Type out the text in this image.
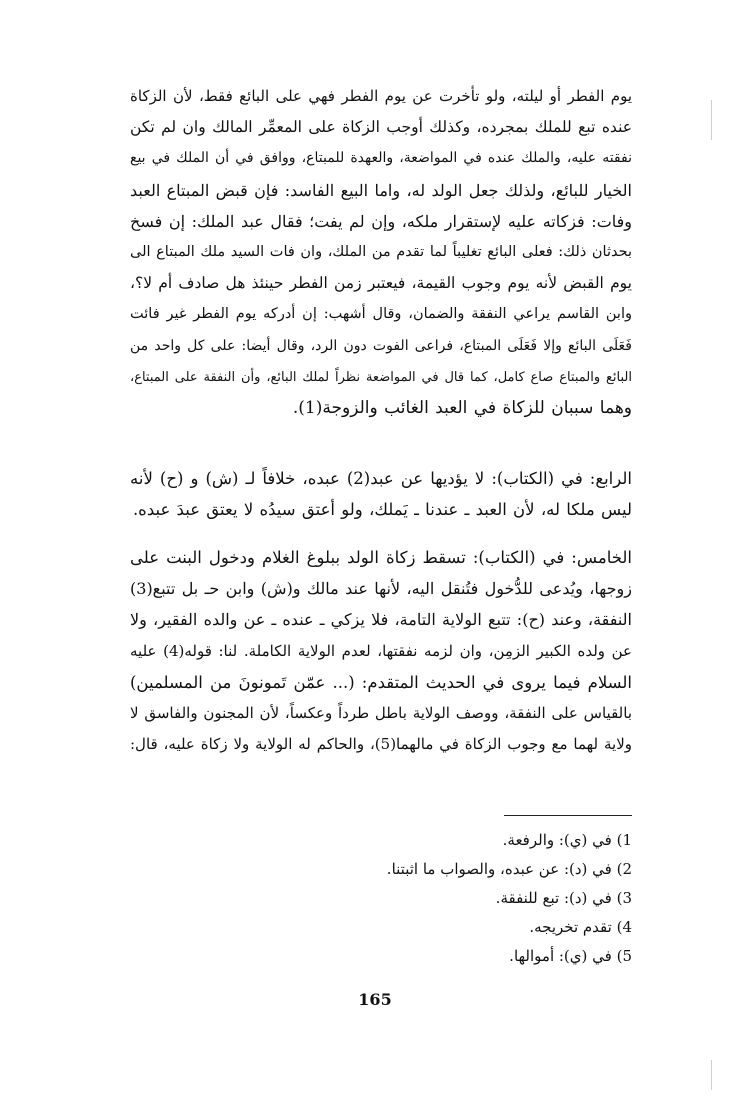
يوم الفطر أو ليلته، ولو تأخرت عن يوم الفطر فهي على البائع فقط، لأن الزكاة
عنده تبع للملك بمجرده، وكذلك أوجب الزكاة على المعمِّر المالك وان لم تكن
نفقته عليه، والملك عنده في المواضعة، والعهدة للمبتاع، ووافق في أن الملك في بيع
الخيار للبائع، ولذلك جعل الولد له، واما البيع الفاسد: فإن قبض المبتاع العبد
وفات: فزكاته عليه لإستقرار ملكه، وإن لم يفت؛ فقال عبد الملك: إن فسخ
بحدثان ذلك: فعلى البائع تغليباً لما تقدم من الملك، وان فات السيد ملك المبتاع الى
يوم القبض لأنه يوم وجوب القيمة، فيعتبر زمن الفطر حينئذ هل صادف أم لا؟،
وابن القاسم يراعي النفقة والضمان، وقال أشهب: إن أدركه يوم الفطر غير فائت
فَعَلَى البائع وإلا فَعَلَى المبتاع، فراعى الفوت دون الرد، وقال أيضا: على كل واحد من
البائع والمبتاع صاع كامل، كما قال في المواضعة نظراً لملك البائع، وأن النفقة على المبتاع،
وهما سببان للزكاة في العبد الغائب والزوجة(1).
الرابع: في (الكتاب): لا يؤديها عن عبد(2) عبده، خلافاً لـ (ش) و (ح) لأنه
ليس ملكا له، لأن العبد ـ عندنا ـ يَملك، ولو أعتق سيدُه لا يعتق عبدَ عبده.
الخامس: في (الكتاب): تسقط زكاة الولد ببلوغ الغلام ودخول البنت على
زوجها، ويُدعى للدُّخول فتُنقل اليه، لأنها عند مالك و(ش) وابن حـ بل تتبع(3)
النفقة، وعند (ح): تتبع الولاية التامة، فلا يزكي ـ عنده ـ عن والده الفقير، ولا
عن ولده الكبير الزمِن، وان لزمه نفقتها، لعدم الولاية الكاملة. لنا: قوله(4) عليه
السلام فيما يروى في الحديث المتقدم: (... عمّن تَمونونَ من المسلمين)
بالقياس على النفقة، ووصف الولاية باطل طرداً وعكساً، لأن المجنون والفاسق لا
ولاية لهما مع وجوب الزكاة في مالهما(5)، والحاكم له الولاية ولا زكاة عليه، قال:
1) في (ي): والرفعة.
2) في (د): عن عبده، والصواب ما اثبتنا.
3) في (د): تبع للنفقة.
4) تقدم تخريجه.
5) في (ي): أموالها.
165
